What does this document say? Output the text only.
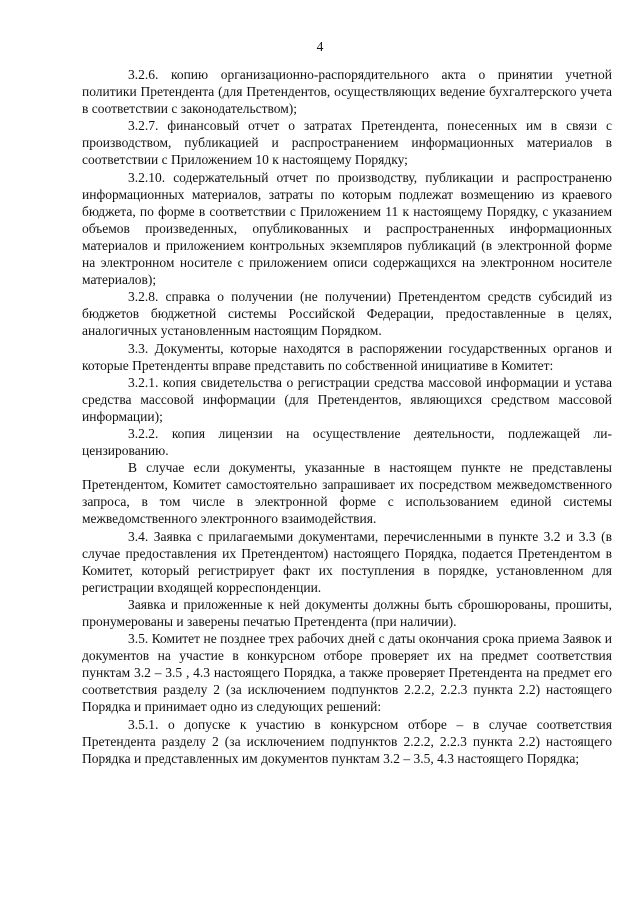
4

3.2.6. копию организационно-распорядительного акта о принятии учетной политики Претендента (для Претендентов, осуществляющих ведение бухгалтерского учета в соответствии с законодательством);

3.2.7. финансовый отчет о затратах Претендента, понесенных им в связи с производством, публикацией и распространением информационных материалов в соответствии с Приложением 10 к настоящему Порядку;

3.2.10. содержательный отчет по производству, публикации и распространеню информационных материалов, затраты по которым подлежат возмещению из краевого бюджета, по форме в соответствии с Приложением 11 к настоящему Порядку, с указанием объемов произведенных, опубликованных и распространенных информационных материалов и приложением контрольных экземпляров публикаций (в электронной форме на электронном носителе с приложением описи содержащихся на электронном носителе материалов);

3.2.8. справка о получении (не получении) Претендентом средств субсидий из бюджетов бюджетной системы Российской Федерации, предоставленные в целях, аналогичных установленным настоящим Порядком.

3.3. Документы, которые находятся в распоряжении государственных органов и которые Претенденты вправе представить по собственной инициативе в Комитет:

3.2.1. копия свидетельства о регистрации средства массовой информации и устава средства массовой информации (для Претендентов, являющихся средством массовой информации);

3.2.2. копия лицензии на осуществление деятельности, подлежащей лицензированию.

В случае если документы, указанные в настоящем пункте не представлены Претендентом, Комитет самостоятельно запрашивает их посредством межведомственного запроса, в том числе в электронной форме с использованием единой системы межведомственного электронного взаимодействия.

3.4. Заявка с прилагаемыми документами, перечисленными в пункте 3.2 и 3.3 (в случае предоставления их Претендентом) настоящего Порядка, подается Претендентом в Комитет, который регистрирует факт их поступления в порядке, установленном для регистрации входящей корреспонденции.

Заявка и приложенные к ней документы должны быть сброшюрованы, прошиты, пронумерованы и заверены печатью Претендента (при наличии).

3.5. Комитет не позднее трех рабочих дней с даты окончания срока приема Заявок и документов на участие в конкурсном отборе проверяет их на предмет соответствия пунктам 3.2 – 3.5 , 4.3 настоящего Порядка, а также проверяет Претендента на предмет его соответствия разделу 2 (за исключением подпунктов 2.2.2, 2.2.3 пункта 2.2) настоящего Порядка и принимает одно из следующих решений:

3.5.1. о допуске к участию в конкурсном отборе – в случае соответствия Претендента разделу 2 (за исключением подпунктов 2.2.2, 2.2.3 пункта 2.2) настоящего Порядка и представленных им документов пунктам 3.2 – 3.5, 4.3 настоящего Порядка;
